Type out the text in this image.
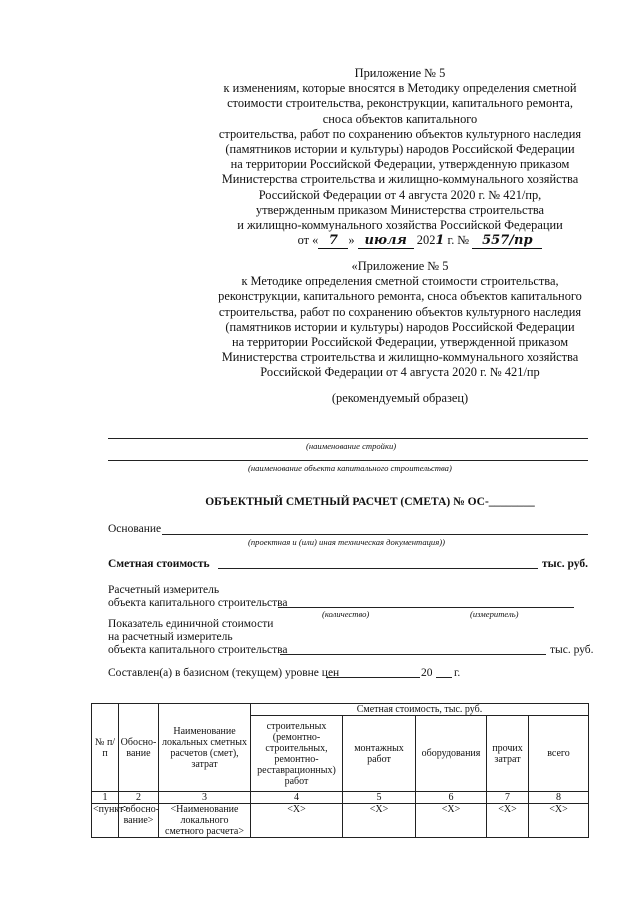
Приложение № 5
к изменениям, которые вносятся в Методику определения сметной
стоимости строительства, реконструкции, капитального ремонта,
сноса объектов капитального
строительства, работ по сохранению объектов культурного наследия
(памятников истории и культуры) народов Российской Федерации
на территории Российской Федерации, утвержденную приказом
Министерства строительства и жилищно-коммунального хозяйства
Российской Федерации от 4 августа 2020 г. № 421/пр,
утвержденным приказом Министерства строительства
и жилищно-коммунального хозяйства Российской Федерации
от « 7 » июля 2021 г. № 557/пр
«Приложение № 5
к Методике определения сметной стоимости строительства,
реконструкции, капитального ремонта, сноса объектов капитального
строительства, работ по сохранению объектов культурного наследия
(памятников истории и культуры) народов Российской Федерации
на территории Российской Федерации, утвержденной приказом
Министерства строительства и жилищно-коммунального хозяйства
Российской Федерации от 4 августа 2020 г. № 421/пр
(рекомендуемый образец)
(наименование стройки)
(наименование объекта капитального строительства)
ОБЪЕКТНЫЙ СМЕТНЫЙ РАСЧЕТ (СМЕТА) № ОС-________
Основание
(проектная и (или) иная техническая документация))
Сметная стоимость	тыс. руб.
Расчетный измеритель
объекта капитального строительства
(количество)	(измеритель)
Показатель единичной стоимости
на расчетный измеритель
объекта капитального строительства	тыс. руб.
Составлен(а) в базисном (текущем) уровне цен	20 г.
№ п/п	Обосно-вание	Наименование локальных сметных расчетов (смет), затрат	Сметная стоимость, тыс. руб.				
			строительных (ремонтно-строительных, ремонтно-реставрационных) работ	монтажных работ	оборудования	прочих затрат	всего
1	2	3	4	5	6	7	8
<пункт>	<обосно-вание>	<Наименование локального сметного расчета>	<X>	<X>	<X>	<X>	<X>
